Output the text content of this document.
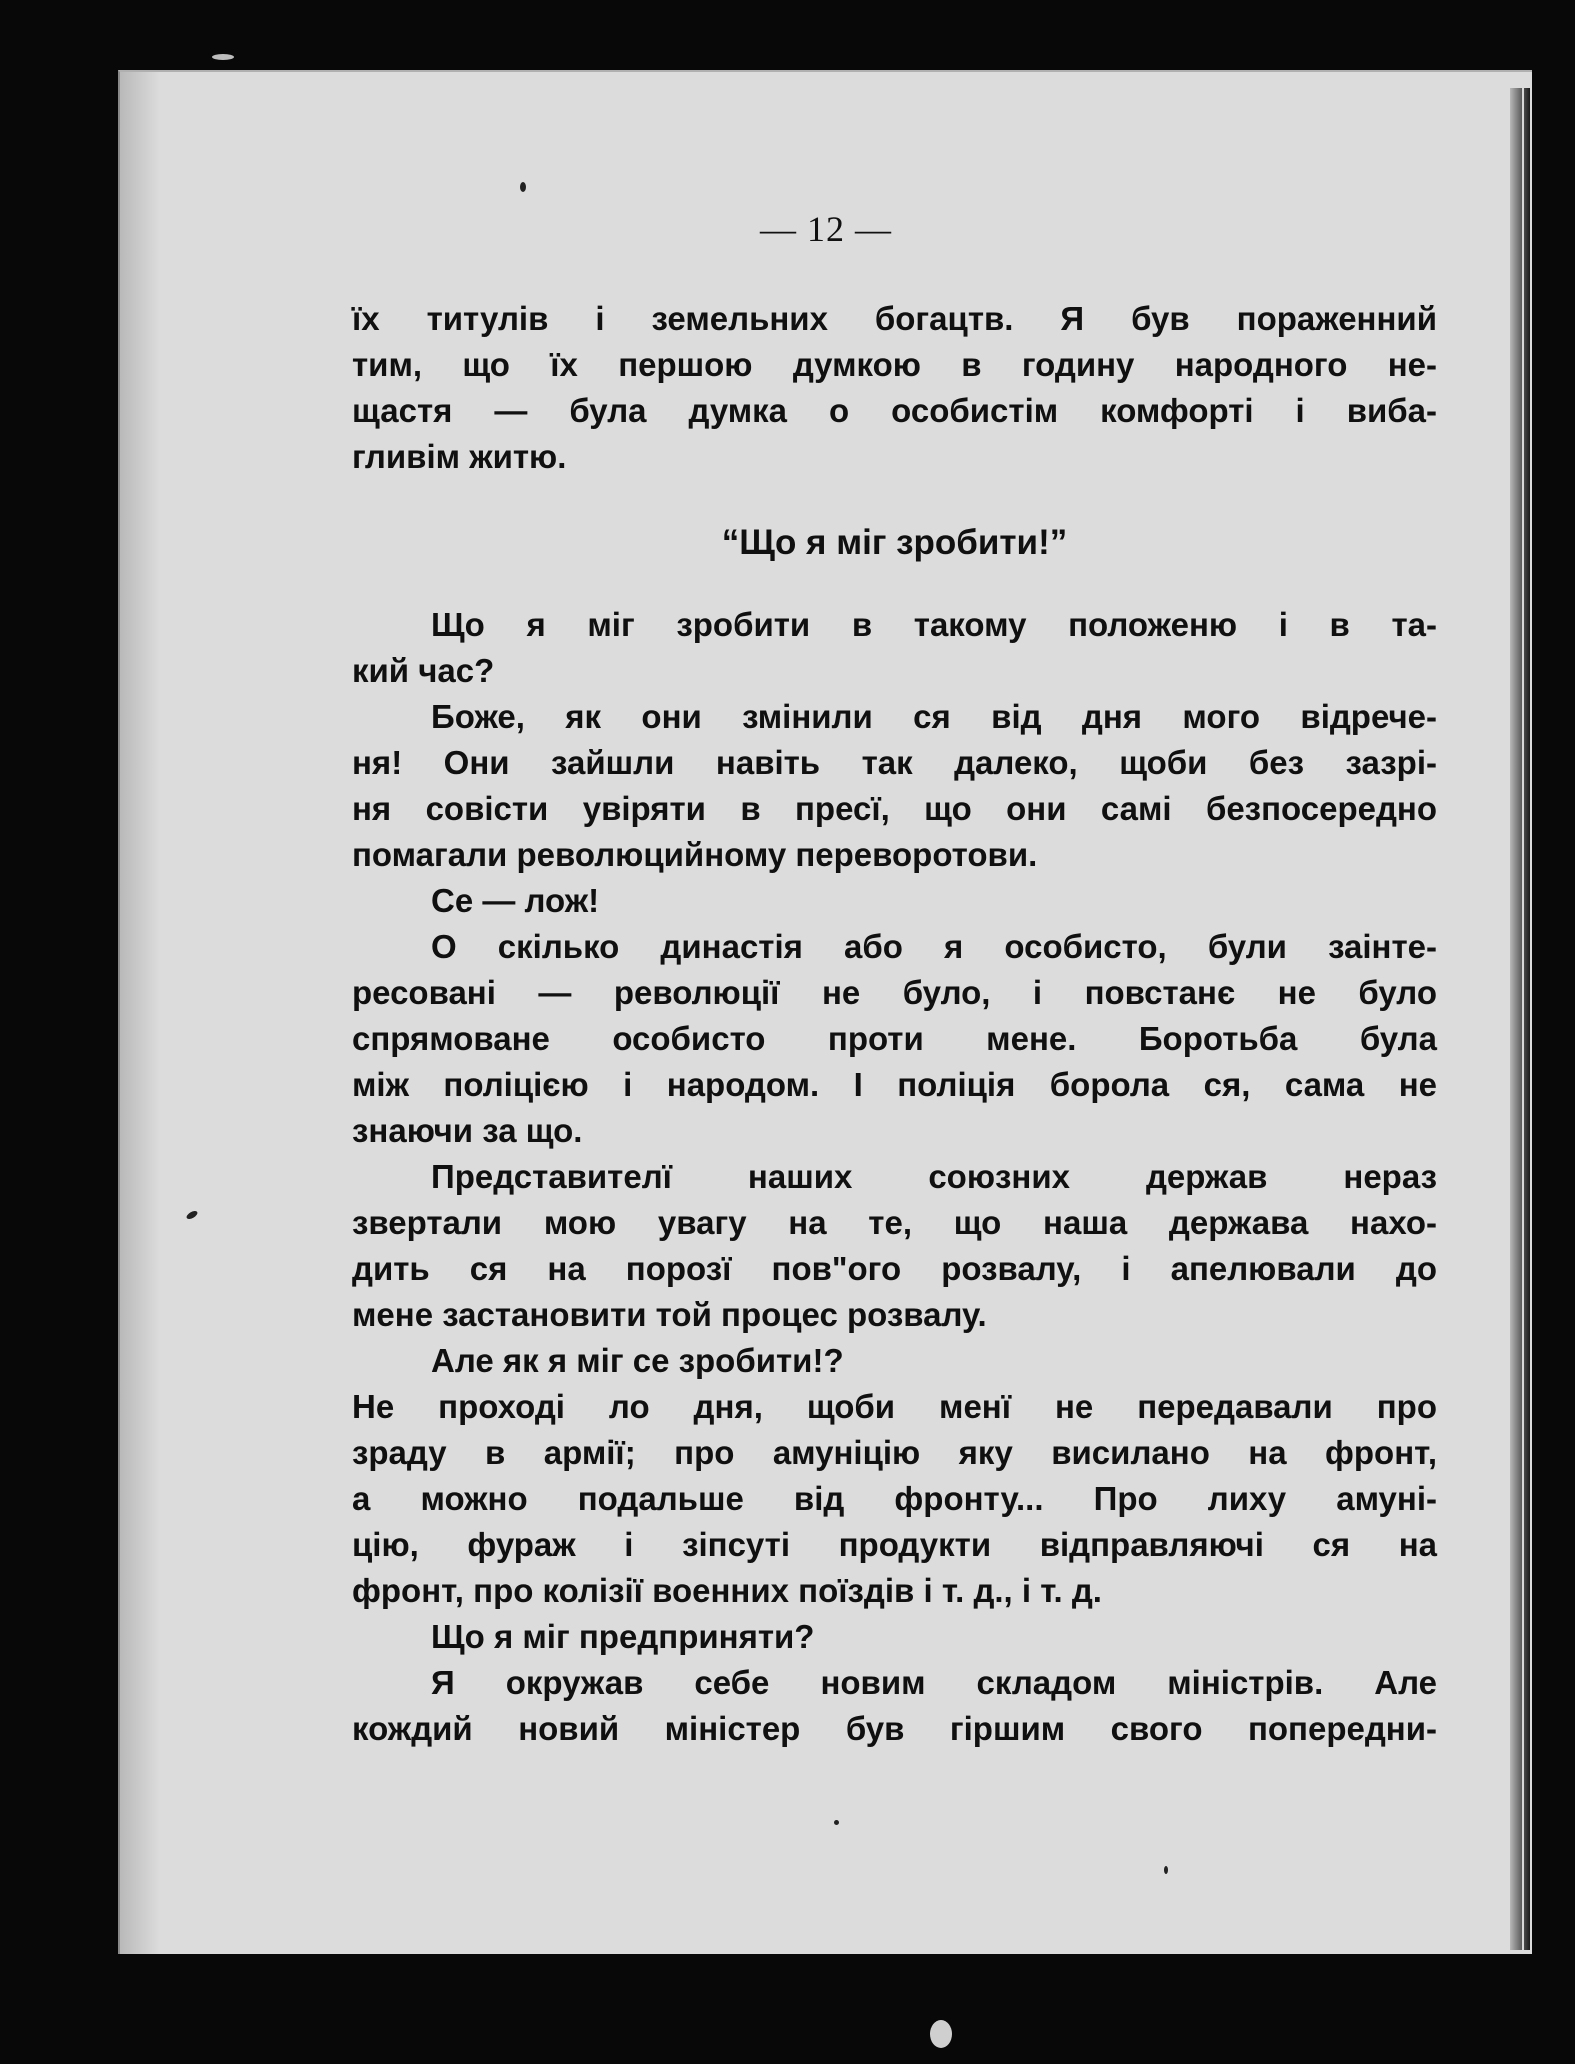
— 12 —
їх титулів і земельних богацтв. Я був пораженний
тим, що їх першою думкою в годину народного не-
щастя — була думка о особистім комфорті і виба-
гливім житю.
“Що я міг зробити!”
Що я міг зробити в такому положеню і в та-
кий час?
Боже, як они змінили ся від дня мого відрече-
ня! Они зайшли навіть так далеко, щоби без зазрі-
ня совісти увіряти в пресї, що они самі безпосередно
помагали революцийному переворотови.
Се — лож!
О скілько династія або я особисто, були заінте-
ресовані — революції не було, і повстанє не було
спрямоване особисто проти мене. Боротьба була
між поліцією і народом. І поліція борола ся, сама не
знаючи за що.
Представителї наших союзних держав нераз
звертали мою увагу на те, що наша держава нахо-
дить ся на порозї пов"ого розвалу, і апелювали до
мене застановити той процес розвалу.
Але як я міг се зробити!?
Не проході ло дня, щоби менї не передавали про
зраду в армії; про амуніцію яку висилано на фронт,
а можно подальше від фронту... Про лиху амуні-
цію, фураж і зіпсуті продукти відправляючі ся на
фронт, про колізії военних поїздів і т. д., і т. д.
Що я міг предприняти?
Я окружав себе новим складом міністрів. Але
кождий новий міністер був гіршим свого попередни-
